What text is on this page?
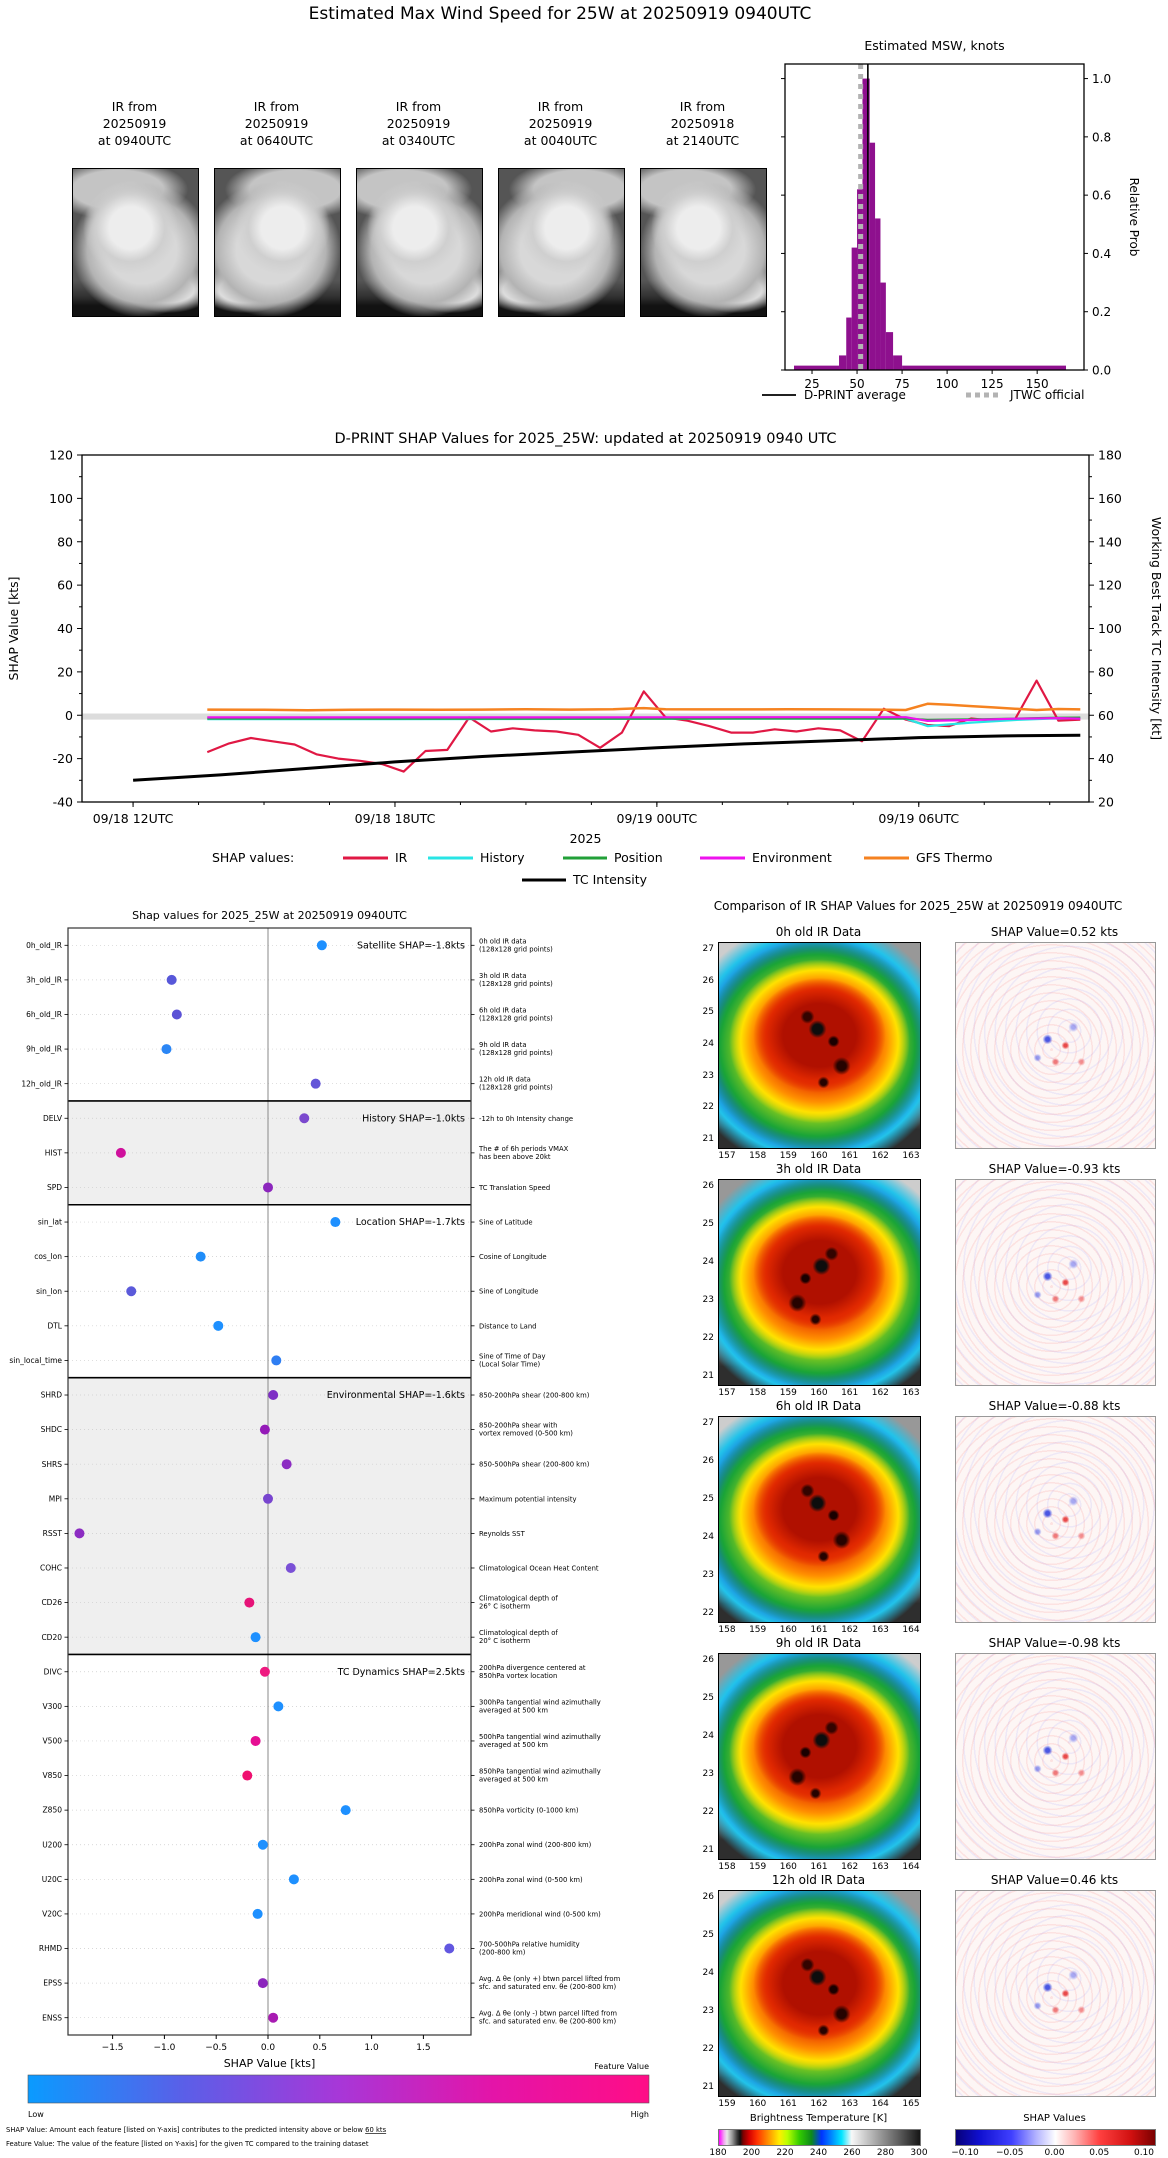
Estimated Max Wind Speed for 25W at 20250919 0940UTC
IR from
20250919
at 0940UTC
IR from
20250919
at 0640UTC
IR from
20250919
at 0340UTC
IR from
20250919
at 0040UTC
IR from
20250918
at 2140UTC
Estimated MSW, knots
0.0
0.2
0.4
0.6
0.8
1.0
Relative Prob
25 50 75 100 125 150
D-PRINT average	JTWC official
D-PRINT SHAP Values for 2025_25W: updated at 20250919 0940 UTC
120
100
80
60
40
20
0
-20
-40
180
160
140
120
100
80
60
40
20
09/18 12UTC	09/18 18UTC	09/19 00UTC	09/19 06UTC
2025
SHAP Value [kts]	Working Best Track TC Intensity [kt]
SHAP values:	IR	History	Position	Environment	GFS Thermo
TC Intensity
Shap values for 2025_25W at 20250919 0940UTC
0h_old_IR	0h old IR data
(128x128 grid points)
3h_old_IR	3h old IR data
(128x128 grid points)
6h_old_IR	6h old IR data
(128x128 grid points)
9h_old_IR	9h old IR data
(128x128 grid points)
12h_old_IR	12h old IR data
(128x128 grid points)
DELV	-12h to 0h Intensity change
HIST	The # of 6h periods VMAX
has been above 20kt
SPD	TC Translation Speed
sin_lat	Sine of Latitude
cos_lon	Cosine of Longitude
sin_lon	Sine of Longitude
DTL	Distance to Land
sin_local_time	Sine of Time of Day
(Local Solar Time)
SHRD	850-200hPa shear (200-800 km)
SHDC	850-200hPa shear with
vortex removed (0-500 km)
SHRS	850-500hPa shear (200-800 km)
MPI	Maximum potential intensity
RSST	Reynolds SST
COHC	Climatological Ocean Heat Content
CD26	Climatological depth of
26° C isotherm
CD20	Climatological depth of
20° C isotherm
DIVC	200hPa divergence centered at
850hPa vortex location
V300	300hPa tangential wind azimuthally
averaged at 500 km
V500	500hPa tangential wind azimuthally
averaged at 500 km
V850	850hPa tangential wind azimuthally
averaged at 500 km
Z850	850hPa vorticity (0-1000 km)
U200	200hPa zonal wind (200-800 km)
U20C	200hPa zonal wind (0-500 km)
V20C	200hPa meridional wind (0-500 km)
RHMD	700-500hPa relative humidity
(200-800 km)
EPSS	Avg. Δ θe (only +) btwn parcel lifted from
sfc. and saturated env. θe (200-800 km)
ENSS	Avg. Δ θe (only -) btwn parcel lifted from
sfc. and saturated env. θe (200-800 km)
Satellite SHAP=-1.8kts
History SHAP=-1.0kts
Location SHAP=-1.7kts
Environmental SHAP=-1.6kts
TC Dynamics SHAP=2.5kts
−1.5	−1.0	−0.5	0.0	0.5	1.0	1.5
SHAP Value [kts]	Feature Value
Low	High
SHAP Value: Amount each feature [listed on Y-axis] contributes to the predicted intensity above or below 60 kts
Feature Value: The value of the feature [listed on Y-axis] for the given TC compared to the training dataset
Comparison of IR SHAP Values for 2025_25W at 20250919 0940UTC
0h old IR Data	SHAP Value=0.52 kts
27
26
25
24
23
22
21
157	158	159	160	161	162	163
3h old IR Data	SHAP Value=-0.93 kts
26
25
24
23
22
21
157	158	159	160	161	162	163
6h old IR Data	SHAP Value=-0.88 kts
27
26
25
24
23
22
158	159	160	161	162	163	164
9h old IR Data	SHAP Value=-0.98 kts
26
25
24
23
22
21
158	159	160	161	162	163	164
12h old IR Data	SHAP Value=0.46 kts
26
25
24
23
22
21
159	160	161	162	163	164	165
Brightness Temperature [K]
180	200	220	240	260	280	300
SHAP Values
−0.10	−0.05	0.00	0.05	0.10
